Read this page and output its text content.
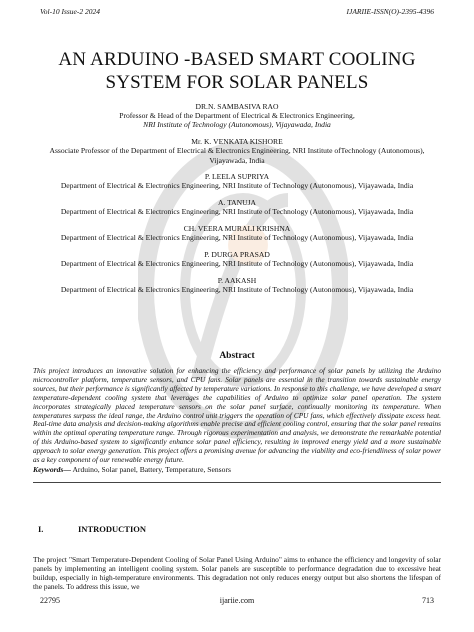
Vol-10 Issue-2 2024	IJARIIE-ISSN(O)-2395-4396
AN ARDUINO -BASED SMART COOLING
SYSTEM FOR SOLAR PANELS
DR.N. SAMBASIVA RAO
Professor & Head of the Department of Electrical & Electronics Engineering,
NRI Institute of Technology (Autonomous), Vijayawada, India
Mr. K. VENKATA KISHORE
Associate Professor of the Department of Electrical & Electronics Engineering, NRI Institute ofTechnology (Autonomous), Vijayawada, India
P. LEELA SUPRIYA
Department of Electrical & Electronics Engineering, NRI Institute of Technology (Autonomous), Vijayawada, India
A. TANUJA
Department of Electrical & Electronics Engineering, NRI Institute of Technology (Autonomous), Vijayawada, India
CH. VEERA MURALI KRISHNA
Department of Electrical & Electronics Engineering, NRI Institute of Technology (Autonomous), Vijayawada, India
P. DURGA PRASAD
Department of Electrical & Electronics Engineering, NRI Institute of Technology (Autonomous), Vijayawada, India
P. AAKASH
Department of Electrical & Electronics Engineering, NRI Institute of Technology (Autonomous), Vijayawada, India
Abstract
This project introduces an innovative solution for enhancing the efficiency and performance of solar panels by utilizing the Arduino microcontroller platform, temperature sensors, and CPU fans. Solar panels are essential in the transition towards sustainable energy sources, but their performance is significantly affected by temperature variations. In response to this challenge, we have developed a smart temperature-dependent cooling system that leverages the capabilities of Arduino to optimize solar panel operation. The system incorporates strategically placed temperature sensors on the solar panel surface, continually monitoring its temperature. When temperatures surpass the ideal range, the Arduino control unit triggers the operation of CPU fans, which effectively dissipate excess heat. Real-time data analysis and decision-making algorithms enable precise and efficient cooling control, ensuring that the solar panel remains within the optimal operating temperature range. Through rigorous experimentation and analysis, we demonstrate the remarkable potential of this Arduino-based system to significantly enhance solar panel efficiency, resulting in improved energy yield and a more sustainable approach to solar energy generation. This project offers a promising avenue for advancing the viability and eco-friendliness of solar power as a key component of our renewable energy future.
Keywords— Arduino, Solar panel, Battery, Temperature, Sensors
I.	INTRODUCTION
The project "Smart Temperature-Dependent Cooling of Solar Panel Using Arduino" aims to enhance the efficiency and longevity of solar panels by implementing an intelligent cooling system. Solar panels are susceptible to performance degradation due to excessive heat buildup, especially in high-temperature environments. This degradation not only reduces energy output but also shortens the lifespan of the panels. To address this issue, we
22795	ijariie.com	713
